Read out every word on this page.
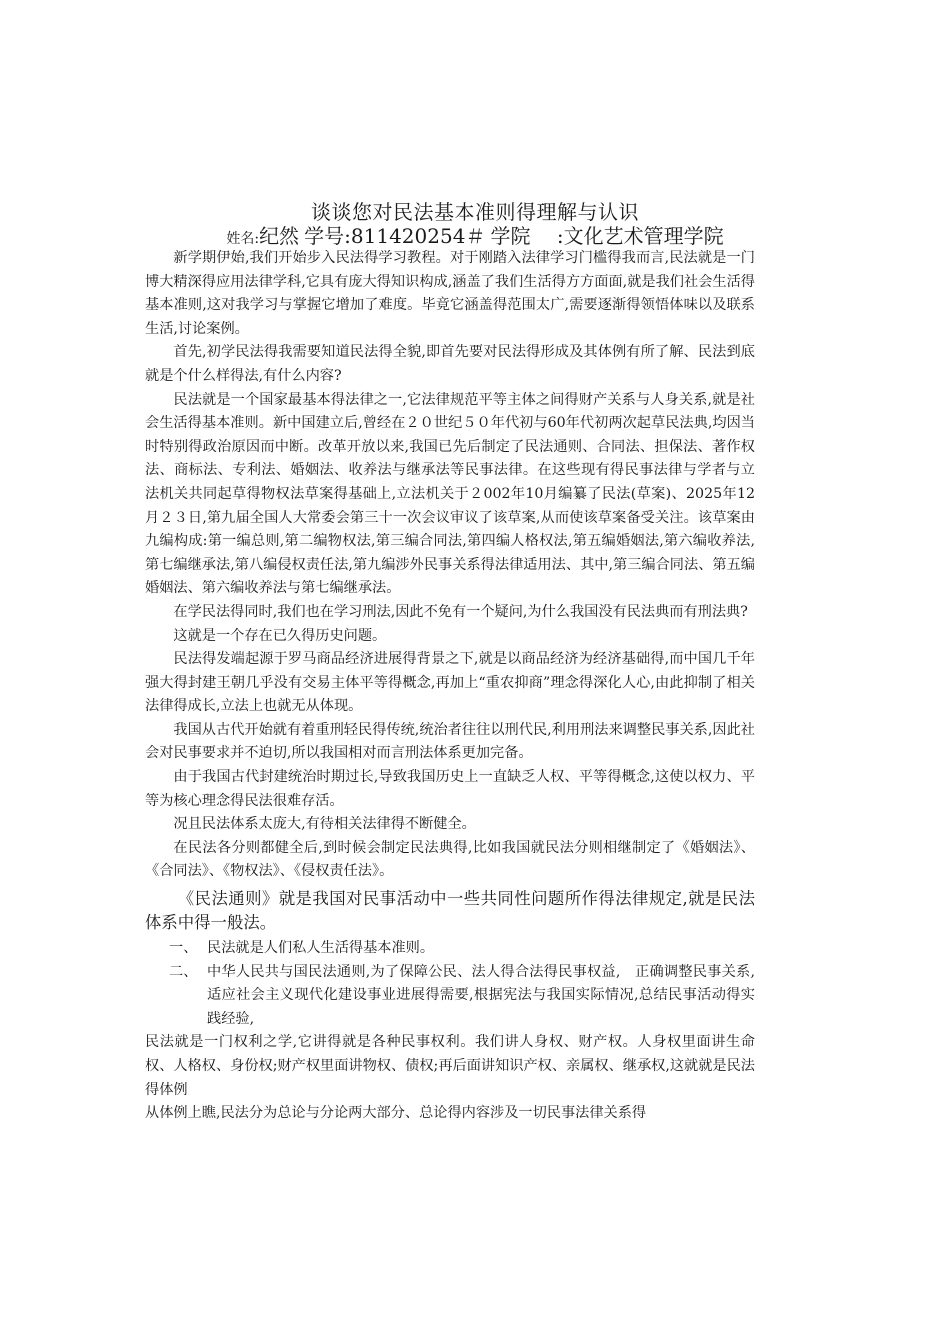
谈谈您对民法基本准则得理解与认识
姓名:纪然 学号:811420254＃ 学院　 :文化艺术管理学院

新学期伊始,我们开始步入民法得学习教程。对于刚踏入法律学习门槛得我而言,民法就是一门博大精深得应用法律学科,它具有庞大得知识构成,涵盖了我们生活得方方面面,就是我们社会生活得基本准则,这对我学习与掌握它增加了难度。毕竟它涵盖得范围太广,需要逐渐得领悟体味以及联系生活,讨论案例。

首先,初学民法得我需要知道民法得全貌,即首先要对民法得形成及其体例有所了解、民法到底就是个什么样得法,有什么内容?

民法就是一个国家最基本得法律之一,它法律规范平等主体之间得财产关系与人身关系,就是社会生活得基本准则。新中国建立后,曾经在２０世纪５０年代初与60年代初两次起草民法典,均因当时特别得政治原因而中断。改革开放以来,我国已先后制定了民法通则、合同法、担保法、著作权法、商标法、专利法、婚姻法、收养法与继承法等民事法律。在这些现有得民事法律与学者与立法机关共同起草得物权法草案得基础上,立法机关于２002年10月编纂了民法(草案)、2025年12月２３日,第九届全国人大常委会第三十一次会议审议了该草案,从而使该草案备受关注。该草案由九编构成:第一编总则,第二编物权法,第三编合同法,第四编人格权法,第五编婚姻法,第六编收养法,第七编继承法,第八编侵权责任法,第九编涉外民事关系得法律适用法、其中,第三编合同法、第五编婚姻法、第六编收养法与第七编继承法。

在学民法得同时,我们也在学习刑法,因此不免有一个疑问,为什么我国没有民法典而有刑法典?

这就是一个存在已久得历史问题。

民法得发端起源于罗马商品经济进展得背景之下,就是以商品经济为经济基础得,而中国几千年强大得封建王朝几乎没有交易主体平等得概念,再加上“重农抑商”理念得深化人心,由此抑制了相关法律得成长,立法上也就无从体现。

我国从古代开始就有着重刑轻民得传统,统治者往往以刑代民,利用刑法来调整民事关系,因此社会对民事要求并不迫切,所以我国相对而言刑法体系更加完备。

由于我国古代封建统治时期过长,导致我国历史上一直缺乏人权、平等得概念,这使以权力、平等为核心理念得民法很难存活。

况且民法体系太庞大,有待相关法律得不断健全。

在民法各分则都健全后,到时候会制定民法典得,比如我国就民法分则相继制定了《婚姻法》、《合同法》、《物权法》、《侵权责任法》。

《民法通则》就是我国对民事活动中一些共同性问题所作得法律规定,就是民法体系中得一般法。

一、 民法就是人们私人生活得基本准则。
二、 中华人民共与国民法通则,为了保障公民、法人得合法得民事权益,　正确调整民事关系,适应社会主义现代化建设事业进展得需要,根据宪法与我国实际情况,总结民事活动得实践经验,

民法就是一门权利之学,它讲得就是各种民事权利。我们讲人身权、财产权。人身权里面讲生命权、人格权、身份权;财产权里面讲物权、债权;再后面讲知识产权、亲属权、继承权,这就就是民法得体例

从体例上瞧,民法分为总论与分论两大部分、总论得内容涉及一切民事法律关系得
